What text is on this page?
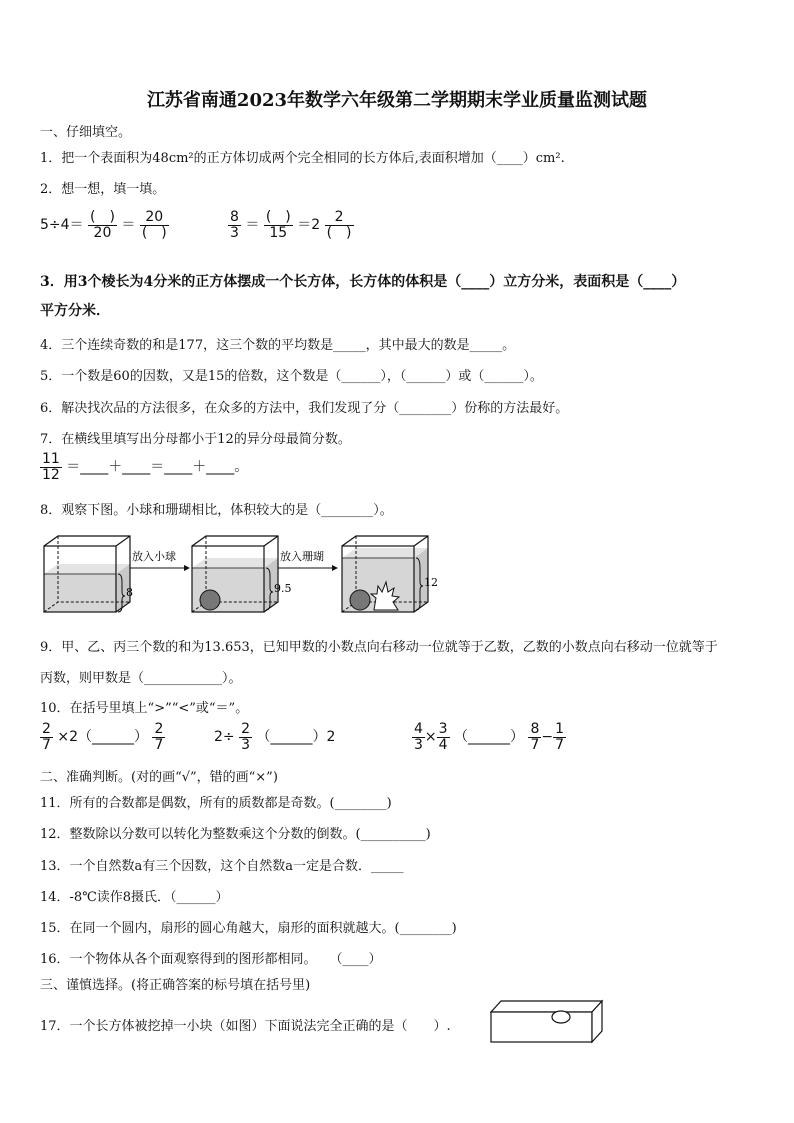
江苏省南通2023年数学六年级第二学期期末学业质量监测试题
一、仔细填空。
1．把一个表面积为48cm²的正方体切成两个完全相同的长方体后,表面积增加（____）cm².
2．想一想，填一填。
$5\div 4= \frac{( )}{20} = \frac{20}{( )}$	$\frac{8}{3} = \frac{( )}{15} =2 \frac{2}{( )}$
3．用3个棱长为4分米的正方体摆成一个长方体，长方体的体积是（____）立方分米，表面积是（____）
平方分米．
4．三个连续奇数的和是177，这三个数的平均数是_____，其中最大的数是_____。
5．一个数是60的因数，又是15的倍数，这个数是（______），（______）或（______）。
6．解决找次品的方法很多，在众多的方法中，我们发现了分（________）份称的方法最好。
7．在横线里填写出分母都小于12的异分母最简分数。
$\frac{11}{12}$ ＝____＋____＝____＋____。
8．观察下图。小球和珊瑚相比，体积较大的是（________）。
8
放入小球
9.5
放入珊瑚
12
9．甲、乙、丙三个数的和为13.653，已知甲数的小数点向右移动一位就等于乙数，乙数的小数点向右移动一位就等于
丙数，则甲数是（____________）。
10．在括号里填上“>”“<”或“＝”。
$\frac{2}{7}$ ×2（______） $\frac{2}{7}$	$2\div \frac{2}{3}$ （______）2	$\frac{4}{3} \times \frac{3}{4}$ （______） $\frac{8}{7} - \frac{1}{7}$
二、准确判断。(对的画“√”，错的画“×”)
11．所有的合数都是偶数，所有的质数都是奇数。(________)
12．整数除以分数可以转化为整数乘这个分数的倒数。(__________)
13．一个自然数a有三个因数，这个自然数a一定是合数．_____
14．-8℃读作8摄氏．（______）
15．在同一个圆内，扇形的圆心角越大，扇形的面积就越大。(________)
16．一个物体从各个面观察得到的图形都相同。　　（____）
三、谨慎选择。(将正确答案的标号填在括号里)
17．一个长方体被挖掉一小块（如图）下面说法完全正确的是（　　）.
